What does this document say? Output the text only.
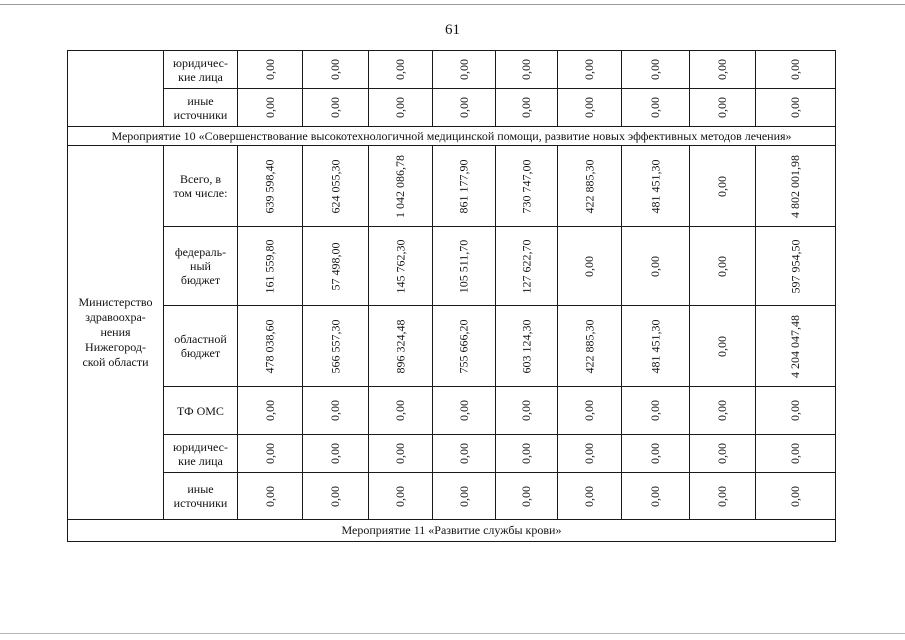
61
	юридичес-
кие лица	0,00	0,00	0,00	0,00	0,00	0,00	0,00	0,00	0,00
	иные
источники	0,00	0,00	0,00	0,00	0,00	0,00	0,00	0,00	0,00
Мероприятие 10 «Совершенствование высокотехнологичной медицинской помощи, развитие новых эффективных методов лечения»										
Министерство
здравоохра-
нения
Нижегород-
ской области	Всего, в
том числе:	639 598,40	624 055,30	1 042 086,78	861 177,90	730 747,00	422 885,30	481 451,30	0,00	4 802 001,98
	федераль-
ный
бюджет	161 559,80	57 498,00	145 762,30	105 511,70	127 622,70	0,00	0,00	0,00	597 954,50
	областной
бюджет	478 038,60	566 557,30	896 324,48	755 666,20	603 124,30	422 885,30	481 451,30	0,00	4 204 047,48
	ТФ ОМС	0,00	0,00	0,00	0,00	0,00	0,00	0,00	0,00	0,00
	юридичес-
кие лица	0,00	0,00	0,00	0,00	0,00	0,00	0,00	0,00	0,00
	иные
источники	0,00	0,00	0,00	0,00	0,00	0,00	0,00	0,00	0,00
Мероприятие 11 «Развитие службы крови»										
